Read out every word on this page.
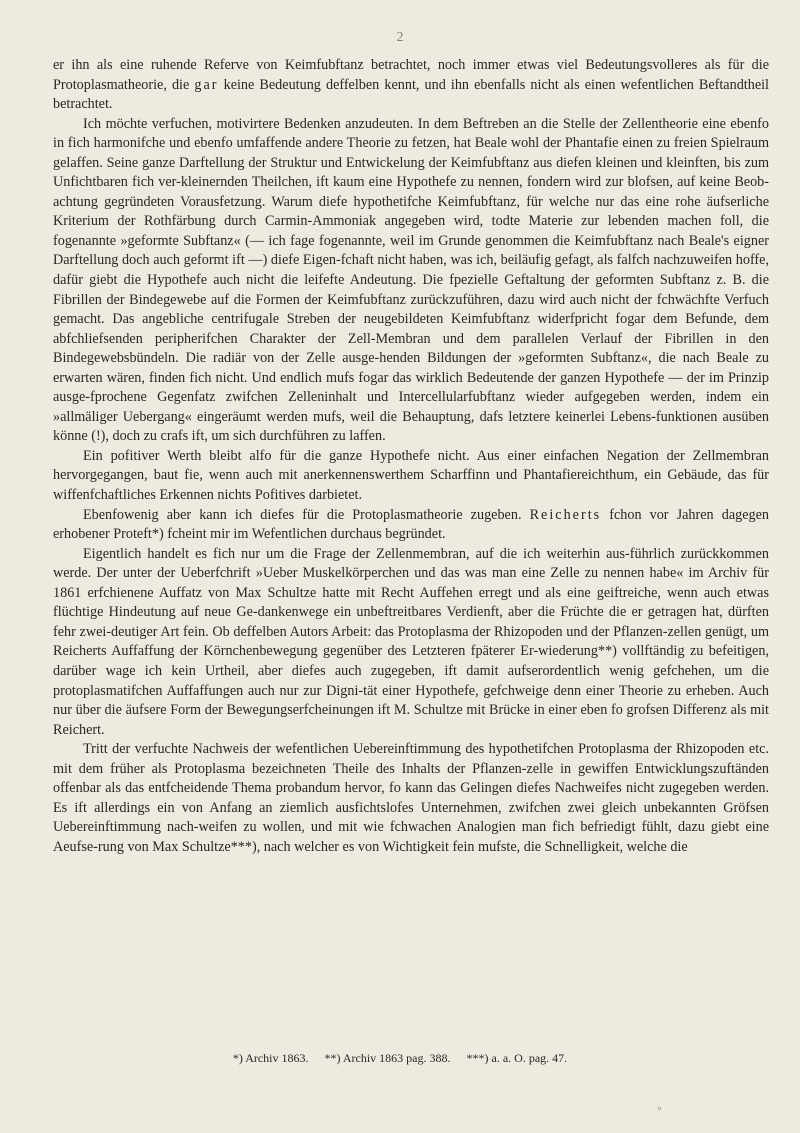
2

er ihn als eine ruhende Referve von Keimfubftanz betrachtet, noch immer etwas viel Bedeutungsvolleres als für die Protoplasmatheorie, die gar keine Bedeutung deffelben kennt, und ihn ebenfalls nicht als einen wefentlichen Beftandtheil betrachtet.

Ich möchte verfuchen, motivirtere Bedenken anzudeuten. In dem Beftreben an die Stelle der Zellentheorie eine ebenfo in fich harmonifche und ebenfo umfaffende andere Theorie zu fetzen, hat Beale wohl der Phantafie einen zu freien Spielraum gelaffen. Seine ganze Darftellung der Struktur und Entwickelung der Keimfubftanz aus diefen kleinen und kleinften, bis zum Unfichtbaren fich ver-kleinernden Theilchen, ift kaum eine Hypothefe zu nennen, fondern wird zur blofsen, auf keine Beob-achtung gegründeten Vorausfetzung. Warum diefe hypothetifche Keimfubftanz, für welche nur das eine rohe äufserliche Kriterium der Rothfärbung durch Carmin-Ammoniak angegeben wird, todte Materie zur lebenden machen foll, die fogenannte »geformte Subftanz« (— ich fage fogenannte, weil im Grunde genommen die Keimfubftanz nach Beale's eigner Darftellung doch auch geformt ift —) diefe Eigen-fchaft nicht haben, was ich, beiläufig gefagt, als falfch nachzuweifen hoffe, dafür giebt die Hypothefe auch nicht die leifefte Andeutung. Die fpezielle Geftaltung der geformten Subftanz z. B. die Fibrillen der Bindegewebe auf die Formen der Keimfubftanz zurückzuführen, dazu wird auch nicht der fchwächfte Verfuch gemacht. Das angebliche centrifugale Streben der neugebildeten Keimfubftanz widerfpricht fogar dem Befunde, dem abfchliefsenden peripherifchen Charakter der Zell-Membran und dem parallelen Verlauf der Fibrillen in den Bindegewebsbündeln. Die radiär von der Zelle ausge-henden Bildungen der »geformten Subftanz«, die nach Beale zu erwarten wären, finden fich nicht. Und endlich mufs fogar das wirklich Bedeutende der ganzen Hypothefe — der im Prinzip ausge-fprochene Gegenfatz zwifchen Zelleninhalt und Intercellularfubftanz wieder aufgegeben werden, indem ein »allmäliger Uebergang« eingeräumt werden mufs, weil die Behauptung, dafs letztere keinerlei Lebens-funktionen ausüben könne (!), doch zu crafs ift, um sich durchführen zu laffen.

Ein pofitiver Werth bleibt alfo für die ganze Hypothefe nicht. Aus einer einfachen Negation der Zellmembran hervorgegangen, baut fie, wenn auch mit anerkennenswerthem Scharffinn und Phantafiereichthum, ein Gebäude, das für wiffenfchaftliches Erkennen nichts Pofitives darbietet.

Ebenfowenig aber kann ich diefes für die Protoplasmatheorie zugeben. Reicherts fchon vor Jahren dagegen erhobener Proteft*) fcheint mir im Wefentlichen durchaus begründet.

Eigentlich handelt es fich nur um die Frage der Zellenmembran, auf die ich weiterhin aus-führlich zurückkommen werde. Der unter der Ueberfchrift »Ueber Muskelkörperchen und das was man eine Zelle zu nennen habe« im Archiv für 1861 erfchienene Auffatz von Max Schultze hatte mit Recht Auffehen erregt und als eine geiftreiche, wenn auch etwas flüchtige Hindeutung auf neue Ge-dankenwege ein unbeftreitbares Verdienft, aber die Früchte die er getragen hat, dürften fehr zwei-deutiger Art fein. Ob deffelben Autors Arbeit: das Protoplasma der Rhizopoden und der Pflanzen-zellen genügt, um Reicherts Auffaffung der Körnchenbewegung gegenüber des Letzteren fpäterer Er-wiederung**) vollftändig zu befeitigen, darüber wage ich kein Urtheil, aber diefes auch zugegeben, ift damit aufserordentlich wenig gefchehen, um die protoplasmatifchen Auffaffungen auch nur zur Digni-tät einer Hypothefe, gefchweige denn einer Theorie zu erheben. Auch nur über die äufsere Form der Bewegungserfcheinungen ift M. Schultze mit Brücke in einer eben fo grofsen Differenz als mit Reichert.

Tritt der verfuchte Nachweis der wefentlichen Uebereinftimmung des hypothetifchen Protoplasma der Rhizopoden etc. mit dem früher als Protoplasma bezeichneten Theile des Inhalts der Pflanzen-zelle in gewiffen Entwicklungszuftänden offenbar als das entfcheidende Thema probandum hervor, fo kann das Gelingen diefes Nachweifes nicht zugegeben werden. Es ift allerdings ein von Anfang an ziemlich ausfichtslofes Unternehmen, zwifchen zwei gleich unbekannten Gröfsen Uebereinftimmung nach-weifen zu wollen, und mit wie fchwachen Analogien man fich befriedigt fühlt, dazu giebt eine Aeufse-rung von Max Schultze***), nach welcher es von Wichtigkeit fein mufste, die Schnelligkeit, welche die

*) Archiv 1863. **) Archiv 1863 pag. 388. ***) a. a. O. pag. 47.
»
